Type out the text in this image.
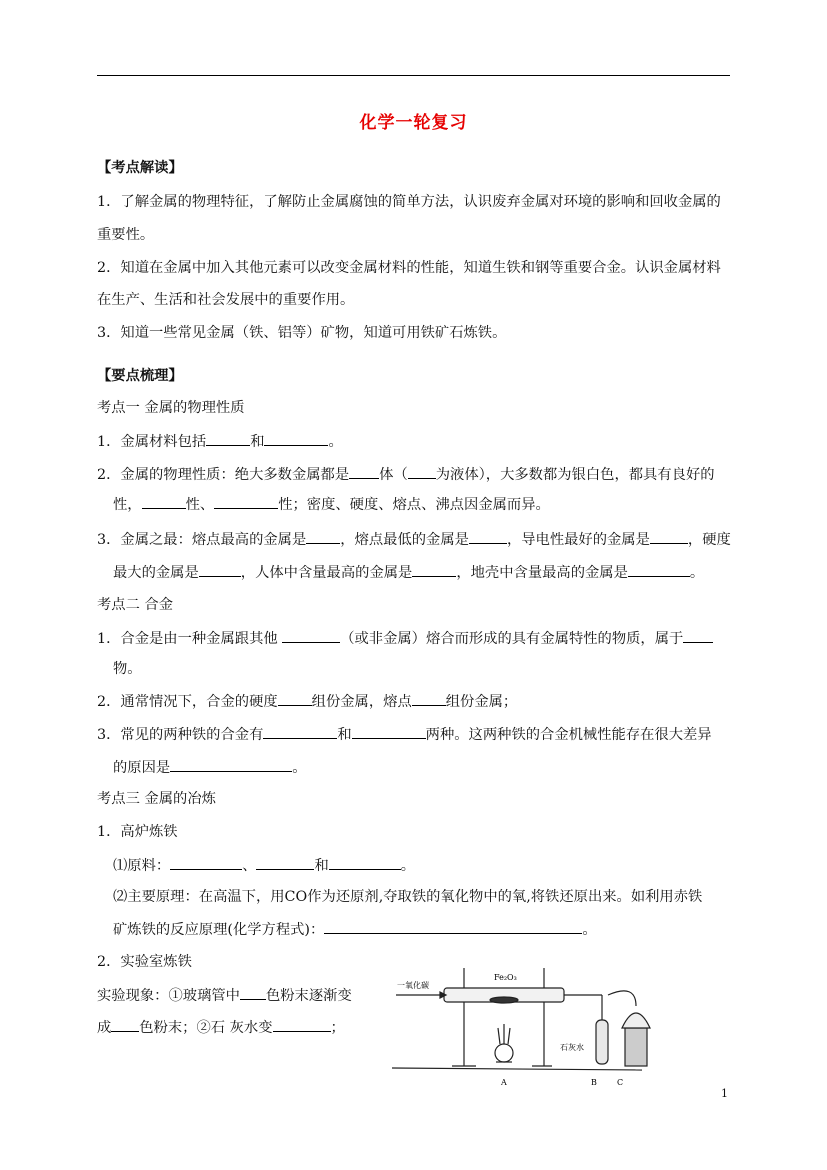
化学一轮复习
【考点解读】
1．了解金属的物理特征，了解防止金属腐蚀的简单方法，认识废弃金属对环境的影响和回收金属的
重要性。
2．知道在金属中加入其他元素可以改变金属材料的性能，知道生铁和钢等重要合金。认识金属材料
在生产、生活和社会发展中的重要作用。
3．知道一些常见金属（铁、铝等）矿物，知道可用铁矿石炼铁。
【要点梳理】
考点一 金属的物理性质
1．金属材料包括	和	。
2．金属的物理性质：绝大多数金属都是 体（ 为液体），大多数都为银白色，都具有良好的
性，	性、	性；密度、硬度、熔点、沸点因金属而异。
3．金属之最：熔点最高的金属是 ，熔点最低的金属是	，导电性最好的金属是	，硬度
最大的金属是	，人体中含量最高的金属是	，地壳中含量最高的金属是	。
考点二 合金
1．合金是由一种金属跟其他	（或非金属）熔合而形成的具有金属特性的物质，属于
物。
2．通常情况下，合金的硬度 组份金属，熔点 组份金属；
3．常见的两种铁的合金有	和	两种。这两种铁的合金机械性能存在很大差异
的原因是	。
考点三 金属的冶炼
1．高炉炼铁
⑴原料：	、	和	。
⑵主要原理：在高温下，用CO作为还原剂,夺取铁的氧化物中的氧,将铁还原出来。如利用赤铁
矿炼铁的反应原理(化学方程式)：	。
2．实验室炼铁
实验现象：①玻璃管中 色粉末逐渐变
成 色粉末；②石 灰水变	；
一氧化碳
Fe₂O₃
石灰水
A	B	C
1
